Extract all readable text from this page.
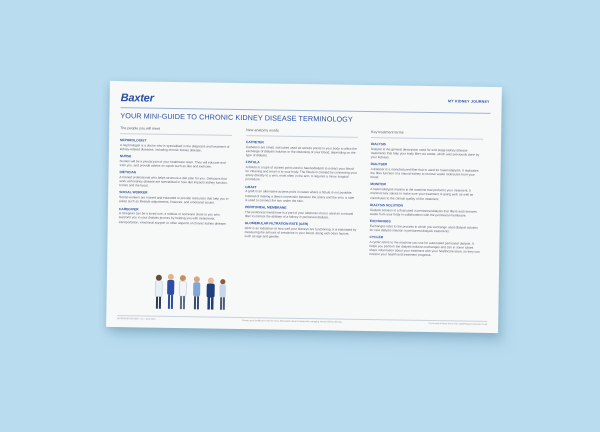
Baxter	MY KIDNEY JOURNEY
YOUR MINI-GUIDE TO CHRONIC KIDNEY DISEASE TERMINOLOGY
The people you will meet
NEPHROLOGIST
A nephrologist is a doctor who is specialised in the diagnosis and treatment of kidney-related diseases, including chronic kidney disease.
NURSE
Nurses will be a pivotal part of your healthcare team. They will educate and train you, and provide advice on topics such as diet and exercise.
DIETICIAN
A trained professional who helps structure a diet plan for you. Dieticians that work with kidney disease are specialised in how diet impacts kidney function, bones and the heart.
SOCIAL WORKER
Social workers are trained and educated to provide resources that help you in areas such as lifestyle adjustments, finances, and emotional issues.
CAREGIVER
A caregiver can be a loved one, a relative or someone close to you who supports you in your dialysis journey by helping you with treatments, transportation, emotional support or other aspects of chronic kidney disease.
New anatomy words
CATHETER
Catheters are small, soft tubes used as access points to your body to allow the exchange of dialysis solution or the cleansing of your blood, depending on the type of dialysis.
FISTULA
A fistula is a type of access point used in haemodialysis to extract your blood for cleaning and return it to your body. The fistula is created by connecting your artery directly to a vein, most often in the arm. It requires a minor surgical procedure.
GRAFT
A graft is an alternative access point in cases where a fistula is not possible. Instead of making a direct connection between the artery and the vein, a tube is used to connect the two under the skin.
PERITONEAL MEMBRANE
The peritoneal membrane is a part of your abdomen that is used as a natural filter to mimick the abilities of a kidney in peritoneal dialysis.
GLOMERULAR FILTRATION RATE (GFR)
GFR is an indication of how well your kidneys are functioning. It is estimated by measuring the amount of creatinine in your blood, along with other factors, such as age and gender.
Key treatment terms
DIALYSIS
Dialysis is the general description used for end stage kidney disease treatments that help your body filter out waste, which was previously done by your kidneys.
DIALYSER
A dialyser is a manufactured filter that is used for haemodialysis. It replicates the filter function of a natural kidney to remove waste molecules from your blood.
MONITOR
A haemodialysis monitor is the machine that performs your treatment. It monitors key values to make sure your treatment is going well, as well as contributes to the clinical quality of the treatment.
DIALYSIS SOLUTION
Dialysis solution is a fluid used in peritoneal dialysis that filters and removes waste from your body in collaboration with the peritoneal membrane.
EXCHANGES
Exchanges refer to the process in which you exchange used dialysis solution for new dialysis solution in peritoneal dialysis treatments.
CYCLER
A cycler refers to the machine you use for automated peritoneal dialysis. It helps you perform the dialysis solution exchanges and can in some cases share information about your treatment with your healthcare team, so they can monitor your health and treatment progress.
MGRENKEGEN 0000 - 0.0 - June 2021
Contact your healthcare team for more information about treating and managing chronic kidney disease.
If you want to know more visit: mykidneyjourney.baxter.co.uk
